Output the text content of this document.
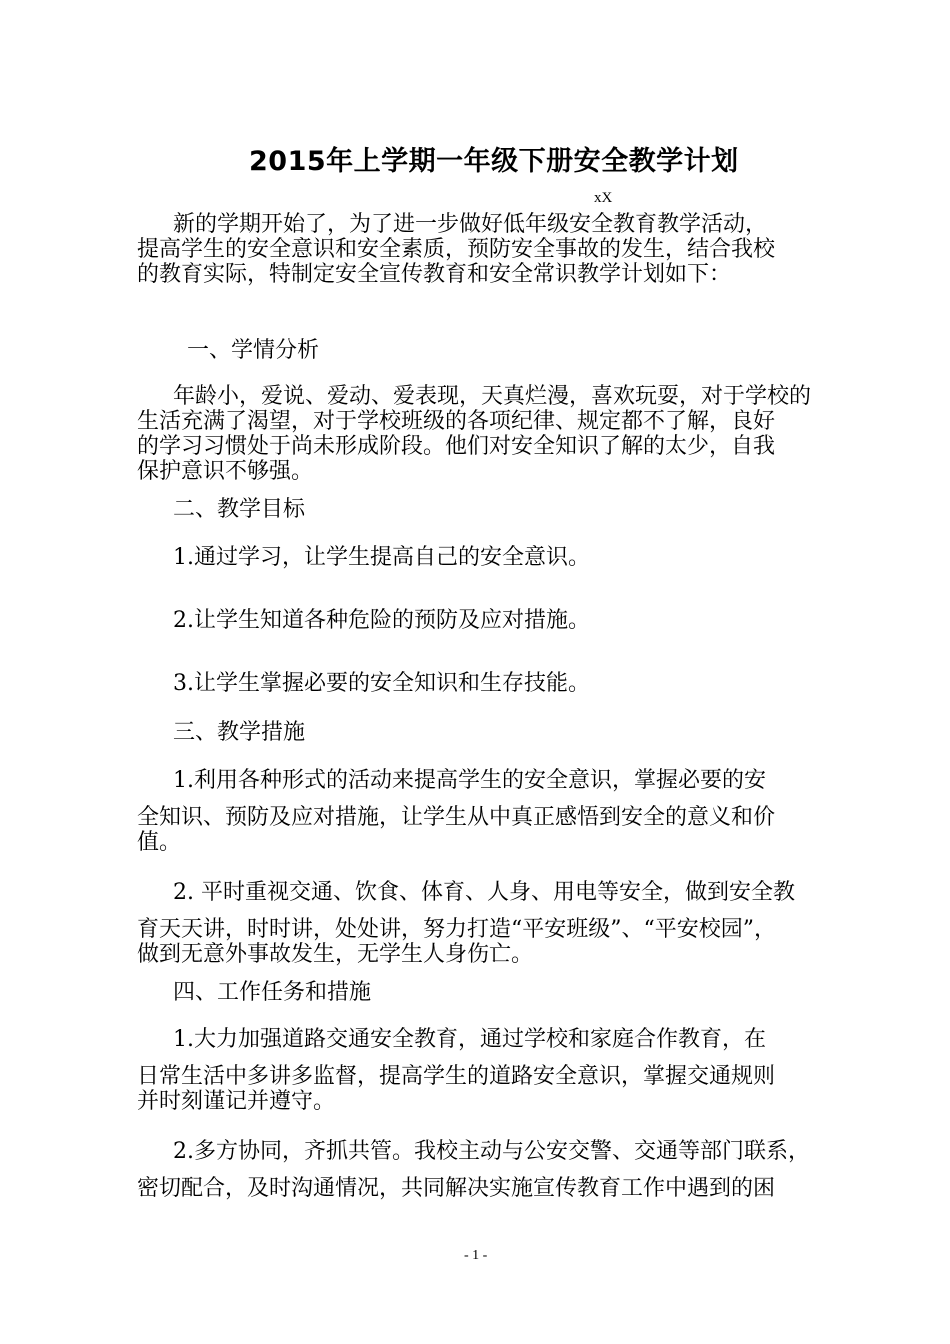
2015年上学期一年级下册安全教学计划
xX
新的学期开始了，为了进一步做好低年级安全教育教学活动，
提高学生的安全意识和安全素质，预防安全事故的发生，结合我校
的教育实际，特制定安全宣传教育和安全常识教学计划如下：
一、学情分析
年龄小，爱说、爱动、爱表现，天真烂漫，喜欢玩耍，对于学校的
生活充满了渴望，对于学校班级的各项纪律、规定都不了解，良好
的学习习惯处于尚未形成阶段。他们对安全知识了解的太少，自我
保护意识不够强。
二、教学目标
1.通过学习，让学生提高自己的安全意识。
2.让学生知道各种危险的预防及应对措施。
3.让学生掌握必要的安全知识和生存技能。
三、教学措施
1.利用各种形式的活动来提高学生的安全意识，掌握必要的安
全知识、预防及应对措施，让学生从中真正感悟到安全的意义和价
值。
2. 平时重视交通、饮食、体育、人身、用电等安全，做到安全教
育天天讲，时时讲，处处讲，努力打造“平安班级”、“平安校园”，
做到无意外事故发生，无学生人身伤亡。
四、工作任务和措施
1.大力加强道路交通安全教育，通过学校和家庭合作教育，在
日常生活中多讲多监督，提高学生的道路安全意识，掌握交通规则
并时刻谨记并遵守。
2.多方协同，齐抓共管。我校主动与公安交警、交通等部门联系，
密切配合，及时沟通情况，共同解决实施宣传教育工作中遇到的困
- 1 -
